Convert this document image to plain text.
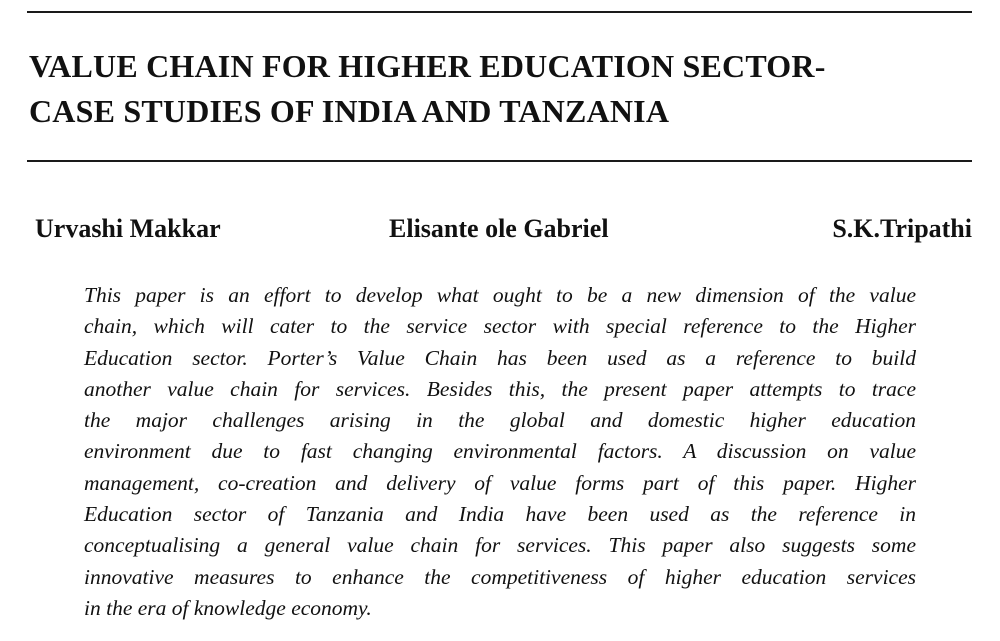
VALUE CHAIN FOR HIGHER EDUCATION SECTOR-
CASE STUDIES OF INDIA AND TANZANIA
Urvashi Makkar	Elisante ole Gabriel	S.K.Tripathi
This paper is an effort to develop what ought to be a new dimension of the value
chain, which will cater to the service sector with special reference to the Higher
Education sector. Porter’s Value Chain has been used as a reference to build
another value chain for services. Besides this, the present paper attempts to trace
the major challenges arising in the global and domestic higher education
environment due to fast changing environmental factors. A discussion on value
management, co-creation and delivery of value forms part of this paper. Higher
Education sector of Tanzania and India have been used as the reference in
conceptualising a general value chain for services. This paper also suggests some
innovative measures to enhance the competitiveness of higher education services
in the era of knowledge economy.
